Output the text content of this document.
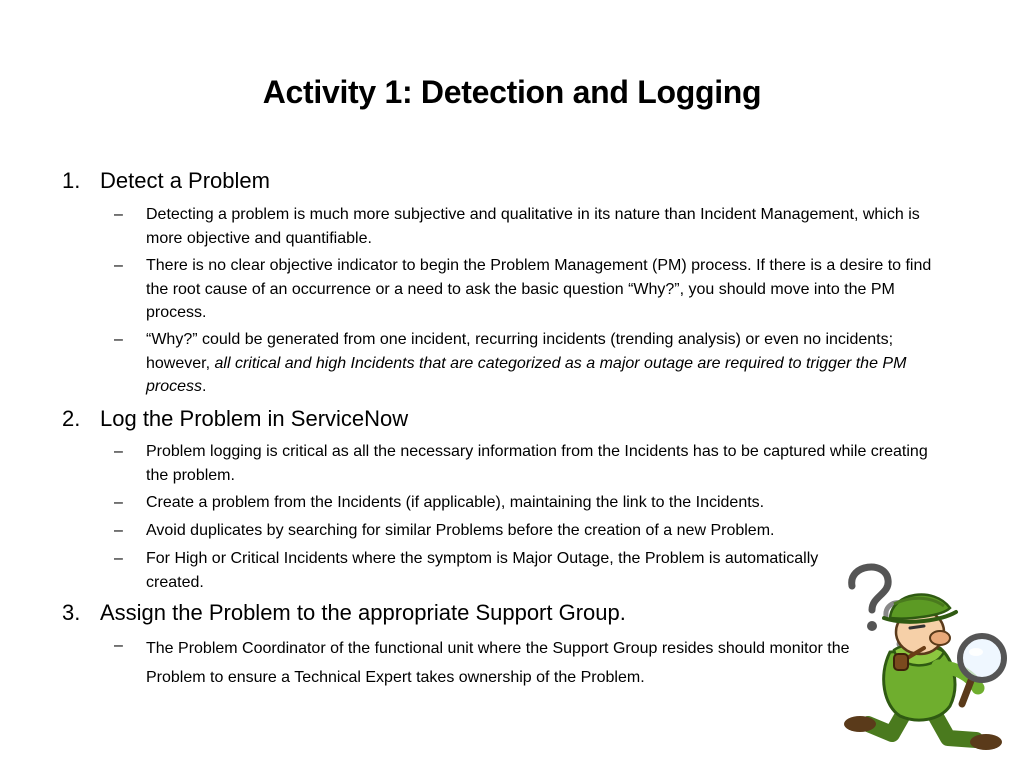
Activity 1: Detection and Logging
1. Detect a Problem
–	Detecting a problem is much more subjective and qualitative in its nature than Incident Management, which is more objective and quantifiable.
–	There is no clear objective indicator to begin the Problem Management (PM) process. If there is a desire to find the root cause of an occurrence or a need to ask the basic question “Why?”, you should move into the PM process.
–	“Why?” could be generated from one incident, recurring incidents (trending analysis) or even no incidents; however, all critical and high Incidents that are categorized as a major outage are required to trigger the PM process.
2. Log the Problem in ServiceNow
–	Problem logging is critical as all the necessary information from the Incidents has to be captured while creating the problem.
–	Create a problem from the Incidents (if applicable), maintaining the link to the Incidents.
–	Avoid duplicates by searching for similar Problems before the creation of a new Problem.
–	For High or Critical Incidents where the symptom is Major Outage, the Problem is automatically created.
3. Assign the Problem to the appropriate Support Group.
–	The Problem Coordinator of the functional unit where the Support Group resides should monitor the Problem to ensure a Technical Expert takes ownership of the Problem.
